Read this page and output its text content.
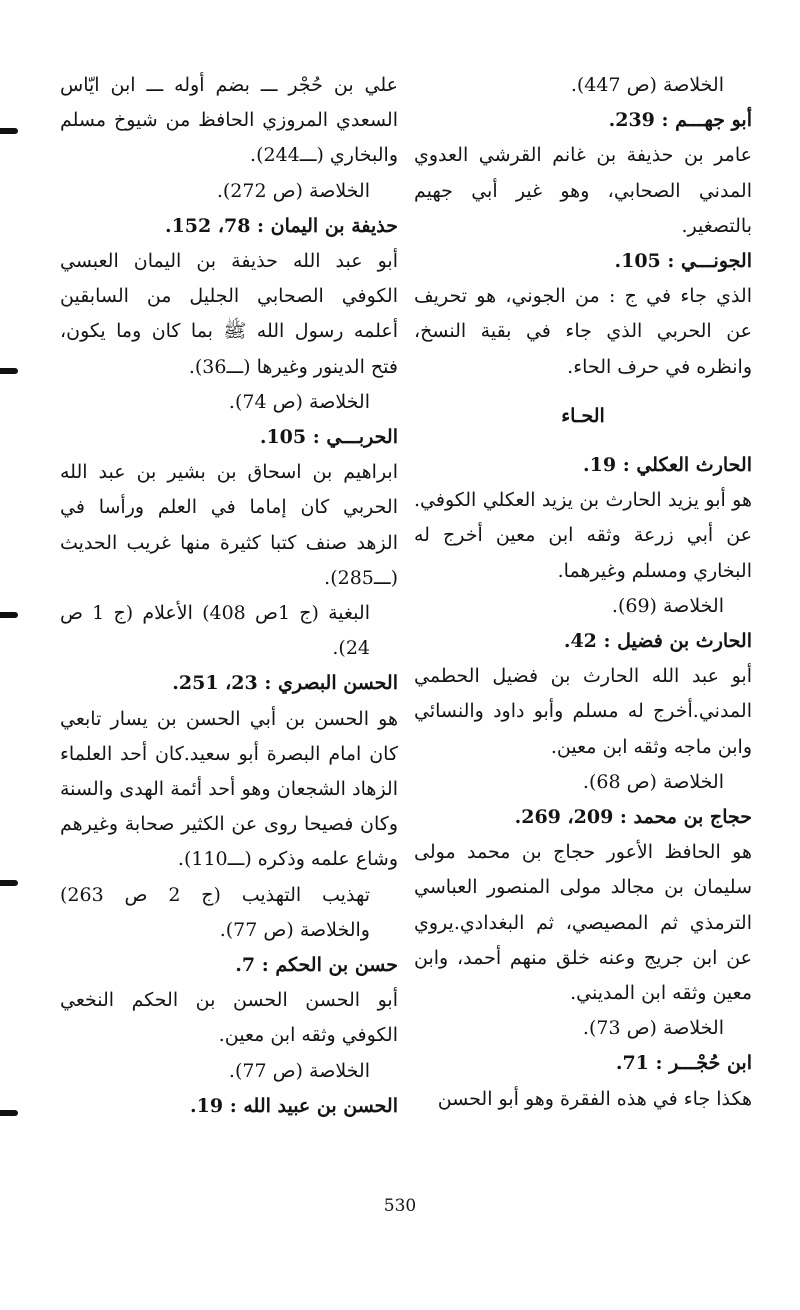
الخلاصة (ص 447).

أبو جهـــم : 239.

عامر بن حذيفة بن غانم القرشي العدوي المدني الصحابي، وهو غير أبي جهيم بالتصغير.

الجونـــي : 105.

الذي جاء في ج : من الجوني، هو تحريف عن الحربي الذي جاء في بقية النسخ، وانظره في حرف الحاء.

الحـاء

الحارث العكلي : 19.

هو أبو يزيد الحارث بن يزيد العكلي الكوفي. عن أبي زرعة وثقه ابن معين أخرج له البخاري ومسلم وغيرهما.

الخلاصة (69).

الحارث بن فضيل : 42.

أبو عبد الله الحارث بن فضيل الحطمي المدني.أخرج له مسلم وأبو داود والنسائي وابن ماجه وثقه ابن معين.

الخلاصة (ص 68).

حجاج بن محمد : 209، 269.

هو الحافظ الأعور حجاج بن محمد مولى سليمان بن مجالد مولى المنصور العباسي الترمذي ثم المصيصي، ثم البغدادي.يروي عن ابن جريج وعنه خلق منهم أحمد، وابن معين وثقه ابن المديني.

الخلاصة (ص 73).

ابن حُجْـــر : 71.

هكذا جاء في هذه الفقرة وهو أبو الحسن

علي بن حُجْر ـــ بضم أوله ـــ ابن ايّاس السعدي المروزي الحافظ من شيوخ مسلم والبخاري (ـــ244).

الخلاصة (ص 272).

حذيفة بن اليمان : 78، 152.

أبو عبد الله حذيفة بن اليمان العبسي الكوفي الصحابي الجليل من السابقين أعلمه رسول الله ﷺ بما كان وما يكون، فتح الدينور وغيرها (ـــ36).

الخلاصة (ص 74).

الحربـــي : 105.

ابراهيم بن اسحاق بن بشير بن عبد الله الحربي كان إماما في العلم ورأسا في الزهد صنف كتبا كثيرة منها غريب الحديث (ـــ285).

البغية (ج 1ص 408) الأعلام (ج 1 ص 24).

الحسن البصري : 23، 251.

هو الحسن بن أبي الحسن بن يسار تابعي كان امام البصرة أبو سعيد.كان أحد العلماء الزهاد الشجعان وهو أحد أئمة الهدى والسنة وكان فصيحا روى عن الكثير صحابة وغيرهم وشاع علمه وذكره (ـــ110).

تهذيب التهذيب (ج 2 ص 263) والخلاصة (ص 77).

حسن بن الحكم : 7.

أبو الحسن الحسن بن الحكم النخعي الكوفي وثقه ابن معين.

الخلاصة (ص 77).

الحسن بن عبيد الله : 19.

530
